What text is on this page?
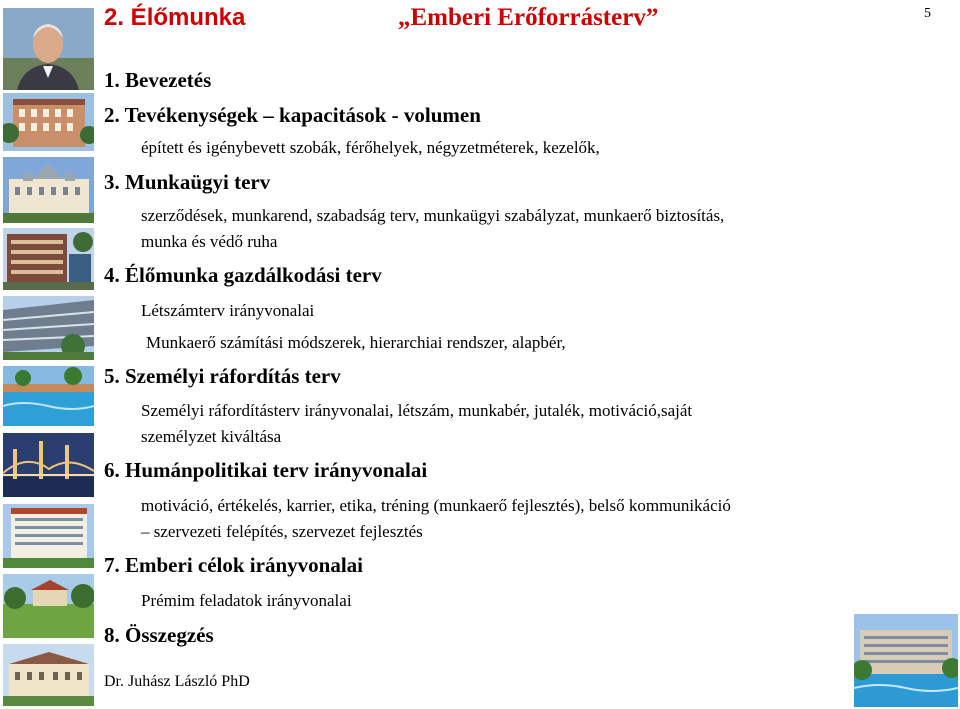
2. Élőmunka	„Emberi Erőforrásterv”	5
1. Bevezetés
2. Tevékenységek – kapacitások - volumen
épített és igénybevett szobák, férőhelyek, négyzetméterek, kezelők,
3. Munkaügyi terv
szerződések, munkarend, szabadság terv, munkaügyi szabályzat, munkaerő biztosítás,
munka és védő ruha
4. Élőmunka gazdálkodási terv
Létszámterv irányvonalai
Munkaerő számítási módszerek, hierarchiai rendszer, alapbér,
5. Személyi ráfordítás terv
Személyi ráfordításterv irányvonalai, létszám, munkabér, jutalék, motiváció,saját
személyzet kiváltása
6. Humánpolitikai terv irányvonalai
motiváció, értékelés, karrier, etika, tréning (munkaerő fejlesztés), belső kommunikáció
– szervezeti felépítés, szervezet fejlesztés
7. Emberi célok irányvonalai
Prémim feladatok irányvonalai
8. Összegzés
Dr. Juhász László PhD
